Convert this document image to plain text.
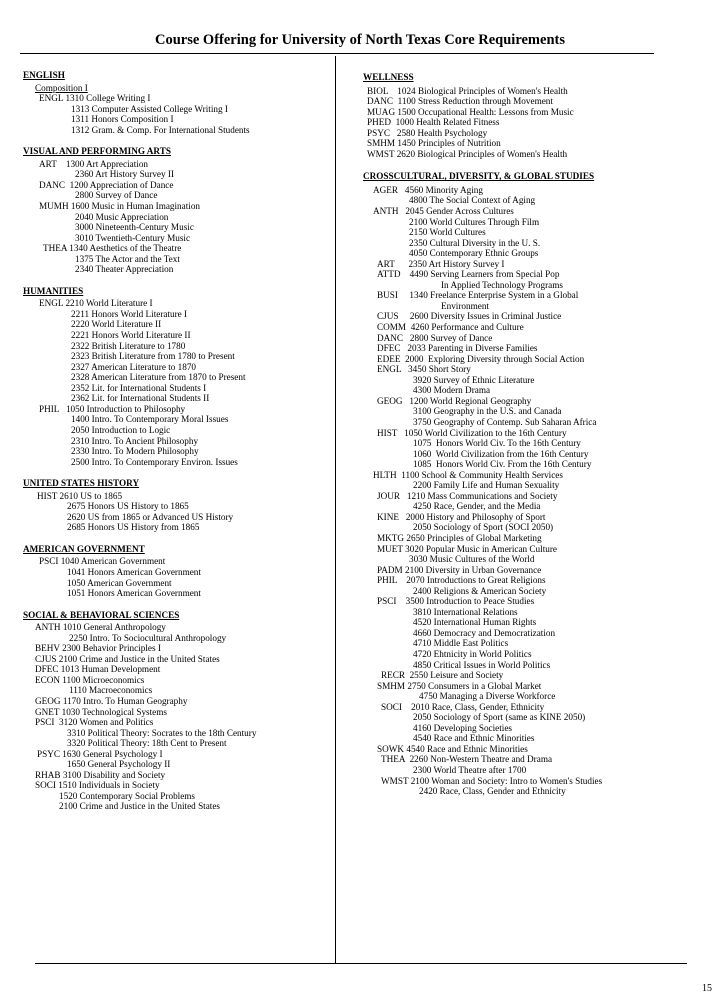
Course Offering for University of North Texas Core Requirements
ENGLISH
Composition I
ENGL 1310 College Writing I
1313 Computer Assisted College Writing I
1311 Honors Composition I
1312 Gram. & Comp. For International Students
VISUAL AND PERFORMING ARTS
ART    1300 Art Appreciation
2360 Art History Survey II
DANC  1200 Appreciation of Dance
2800 Survey of Dance
MUMH 1600 Music in Human Imagination
2040 Music Appreciation
3000 Nineteenth-Century Music
3010 Twentieth-Century Music
THEA 1340 Aesthetics of the Theatre
1375 The Actor and the Text
2340 Theater Appreciation
HUMANITIES
ENGL 2210 World Literature I
2211 Honors World Literature I
2220 World Literature II
2221 Honors World Literature II
2322 British Literature to 1780
2323 British Literature from 1780 to Present
2327 American Literature to 1870
2328 American Literature from 1870 to Present
2352 Lit. for International Students I
2362 Lit. for International Students II
PHIL   1050 Introduction to Philosophy
1400 Intro. To Contemporary Moral Issues
2050 Introduction to Logic
2310 Intro. To Ancient Philosophy
2330 Intro. To Modern Philosophy
2500 Intro. To Contemporary Environ. Issues
UNITED STATES HISTORY
HIST 2610 US to 1865
2675 Honors US History to 1865
2620 US from 1865 or Advanced US History
2685 Honors US History from 1865
AMERICAN GOVERNMENT
PSCI 1040 American Government
1041 Honors American Government
1050 American Government
1051 Honors American Government
SOCIAL & BEHAVIORAL SCIENCES
ANTH 1010 General Anthropology
2250 Intro. To Sociocultural Anthropology
BEHV 2300 Behavior Principles I
CJUS 2100 Crime and Justice in the United States
DFEC 1013 Human Development
ECON 1100 Microeconomics
1110 Macroeconomics
GEOG 1170 Intro. To Human Geography
GNET 1030 Technological Systems
PSCI  3120 Women and Politics
3310 Political Theory: Socrates to the 18th Century
3320 Political Theory: 18th Cent to Present
PSYC 1630 General Psychology I
1650 General Psychology II
RHAB 3100 Disability and Society
SOCI 1510 Individuals in Society
1520 Contemporary Social Problems
2100 Crime and Justice in the United States
WELLNESS
BIOL    1024 Biological Principles of Women's Health
DANC  1100 Stress Reduction through Movement
MUAG 1500 Occupational Health: Lessons from Music
PHED  1000 Health Related Fitness
PSYC   2580 Health Psychology
SMHM 1450 Principles of Nutrition
WMST 2620 Biological Principles of Women's Health
CROSSCULTURAL, DIVERSITY, & GLOBAL STUDIES
AGER   4560 Minority Aging
4800 The Social Context of Aging
ANTH   2045 Gender Across Cultures
2100 World Cultures Through Film
2150 World Cultures
2350 Cultural Diversity in the U. S.
4050 Contemporary Ethnic Groups
ART      2350 Art History Survey I
ATTD    4490 Serving Learners from Special Pop
In Applied Technology Programs
BUSI     1340 Freelance Enterprise System in a Global
Environment
CJUS     2600 Diversity Issues in Criminal Justice
COMM  4260 Performance and Culture
DANC   2800 Survey of Dance
DFEC   2033 Parenting in Diverse Families
EDEE  2000  Exploring Diversity through Social Action
ENGL   3450 Short Story
3920 Survey of Ethnic Literature
4300 Modern Drama
GEOG   1200 World Regional Geography
3100 Geography in the U.S. and Canada
3750 Geography of Contemp. Sub Saharan Africa
HIST   1050 World Civilization to the 16th Century
1075  Honors World Civ. To the 16th Century
1060  World Civilization from the 16th Century
1085  Honors World Civ. From the 16th Century
HLTH  1100 School & Community Health Services
2200 Family Life and Human Sexuality
JOUR   1210 Mass Communications and Society
4250 Race, Gender, and the Media
KINE   2000 History and Philosophy of Sport
2050 Sociology of Sport (SOCI 2050)
MKTG 2650 Principles of Global Marketing
MUET 3020 Popular Music in American Culture
3030 Music Cultures of the World
PADM 2100 Diversity in Urban Governance
PHIL    2070 Introductions to Great Religions
2400 Religions & American Society
PSCI    3500 Introduction to Peace Studies
3810 International Relations
4520 International Human Rights
4660 Democracy and Democratization
4710 Middle East Politics
4720 Ehtnicity in World Politics
4850 Critical Issues in World Politics
RECR  2550 Leisure and Society
SMHM 2750 Consumers in a Global Market
4750 Managing a Diverse Workforce
SOCI    2010 Race, Class, Gender, Ethnicity
2050 Sociology of Sport (same as KINE 2050)
4160 Developing Societies
4540 Race and Ethnic Minorities
SOWK 4540 Race and Ethnic Minorities
THEA  2260 Non-Western Theatre and Drama
2300 World Theatre after 1700
WMST 2100 Woman and Society: Intro to Women's Studies
2420 Race, Class, Gender and Ethnicity
15
